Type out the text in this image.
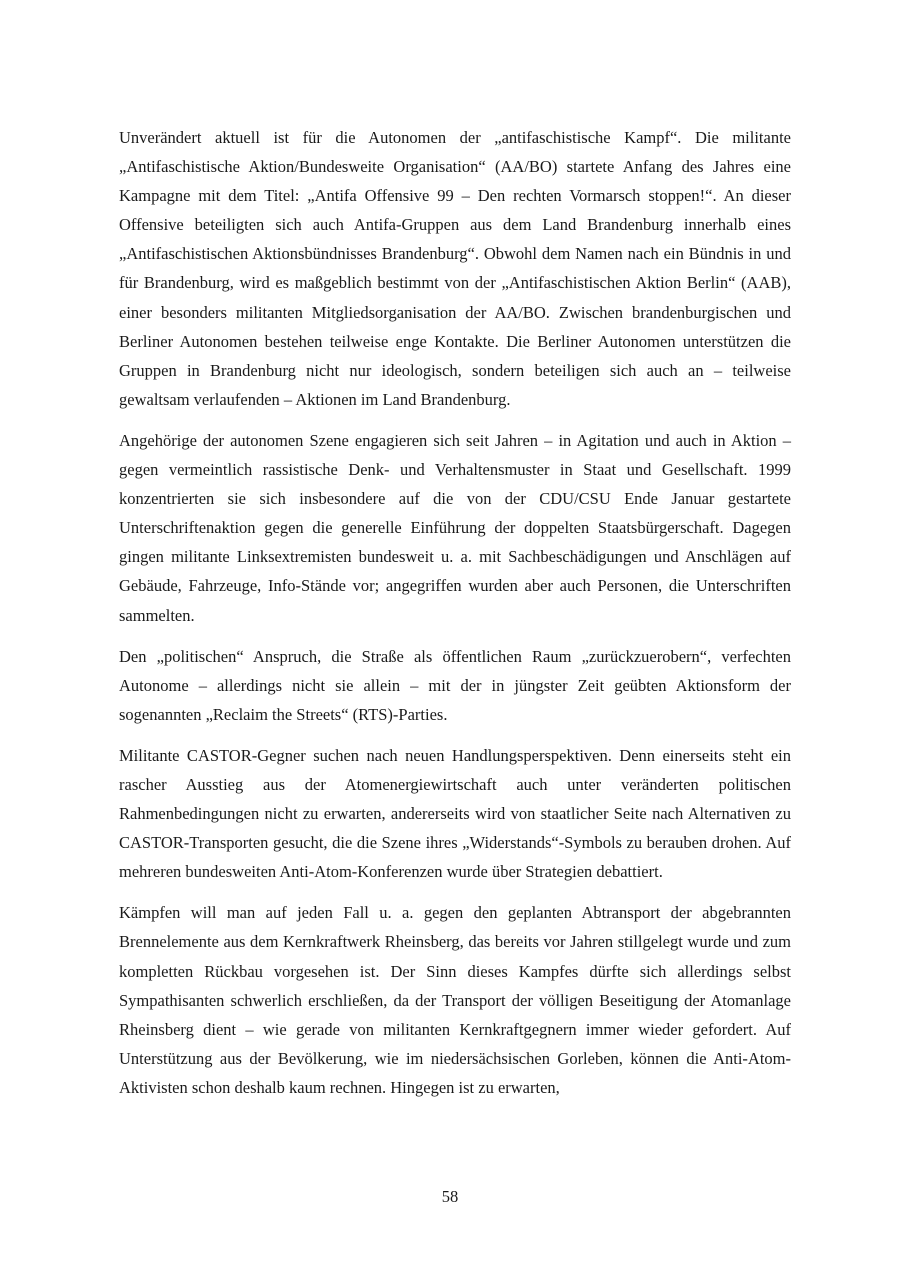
Unverändert aktuell ist für die Autonomen der „antifaschistische Kampf“. Die militante „Antifaschistische Aktion/Bundesweite Organisation“ (AA/BO) startete Anfang des Jahres eine Kampagne mit dem Titel: „Antifa Offensive 99 – Den rechten Vormarsch stoppen!“. An dieser Offensive beteiligten sich auch Antifa-Gruppen aus dem Land Brandenburg innerhalb eines „Antifaschistischen Aktionsbündnisses Brandenburg“. Obwohl dem Namen nach ein Bündnis in und für Brandenburg, wird es maßgeblich bestimmt von der „Antifaschistischen Aktion Berlin“ (AAB), einer besonders militanten Mitgliedsorganisation der AA/BO. Zwischen brandenburgischen und Berliner Autonomen bestehen teilweise enge Kontakte. Die Berliner Autonomen unterstützen die Gruppen in Brandenburg nicht nur ideologisch, sondern beteiligen sich auch an – teilweise gewaltsam verlaufenden – Aktionen im Land Brandenburg.

Angehörige der autonomen Szene engagieren sich seit Jahren – in Agitation und auch in Aktion – gegen vermeintlich rassistische Denk- und Verhaltensmuster in Staat und Gesellschaft. 1999 konzentrierten sie sich insbesondere auf die von der CDU/CSU Ende Januar gestartete Unterschriftenaktion gegen die generelle Einführung der doppelten Staatsbürgerschaft. Dagegen gingen militante Linksextremisten bundesweit u. a. mit Sachbeschädigungen und Anschlägen auf Gebäude, Fahrzeuge, Info-Stände vor; angegriffen wurden aber auch Personen, die Unterschriften sammelten.

Den „politischen“ Anspruch, die Straße als öffentlichen Raum „zurückzuerobern“, verfechten Autonome – allerdings nicht sie allein – mit der in jüngster Zeit geübten Aktionsform der sogenannten „Reclaim the Streets“ (RTS)-Parties.

Militante CASTOR-Gegner suchen nach neuen Handlungsperspektiven. Denn einerseits steht ein rascher Ausstieg aus der Atomenergiewirtschaft auch unter veränderten politischen Rahmenbedingungen nicht zu erwarten, andererseits wird von staatlicher Seite nach Alternativen zu CASTOR-Transporten gesucht, die die Szene ihres „Widerstands“-Symbols zu berauben drohen. Auf mehreren bundesweiten Anti-Atom-Konferenzen wurde über Strategien debattiert.

Kämpfen will man auf jeden Fall u. a. gegen den geplanten Abtransport der abgebrannten Brennelemente aus dem Kernkraftwerk Rheinsberg, das bereits vor Jahren stillgelegt wurde und zum kompletten Rückbau vorgesehen ist. Der Sinn dieses Kampfes dürfte sich allerdings selbst Sympathisanten schwerlich erschließen, da der Transport der völligen Beseitigung der Atomanlage Rheinsberg dient – wie gerade von militanten Kernkraftgegnern immer wieder gefordert. Auf Unterstützung aus der Bevölkerung, wie im niedersächsischen Gorleben, können die Anti-Atom-Aktivisten schon deshalb kaum rechnen. Hingegen ist zu erwarten,

58
